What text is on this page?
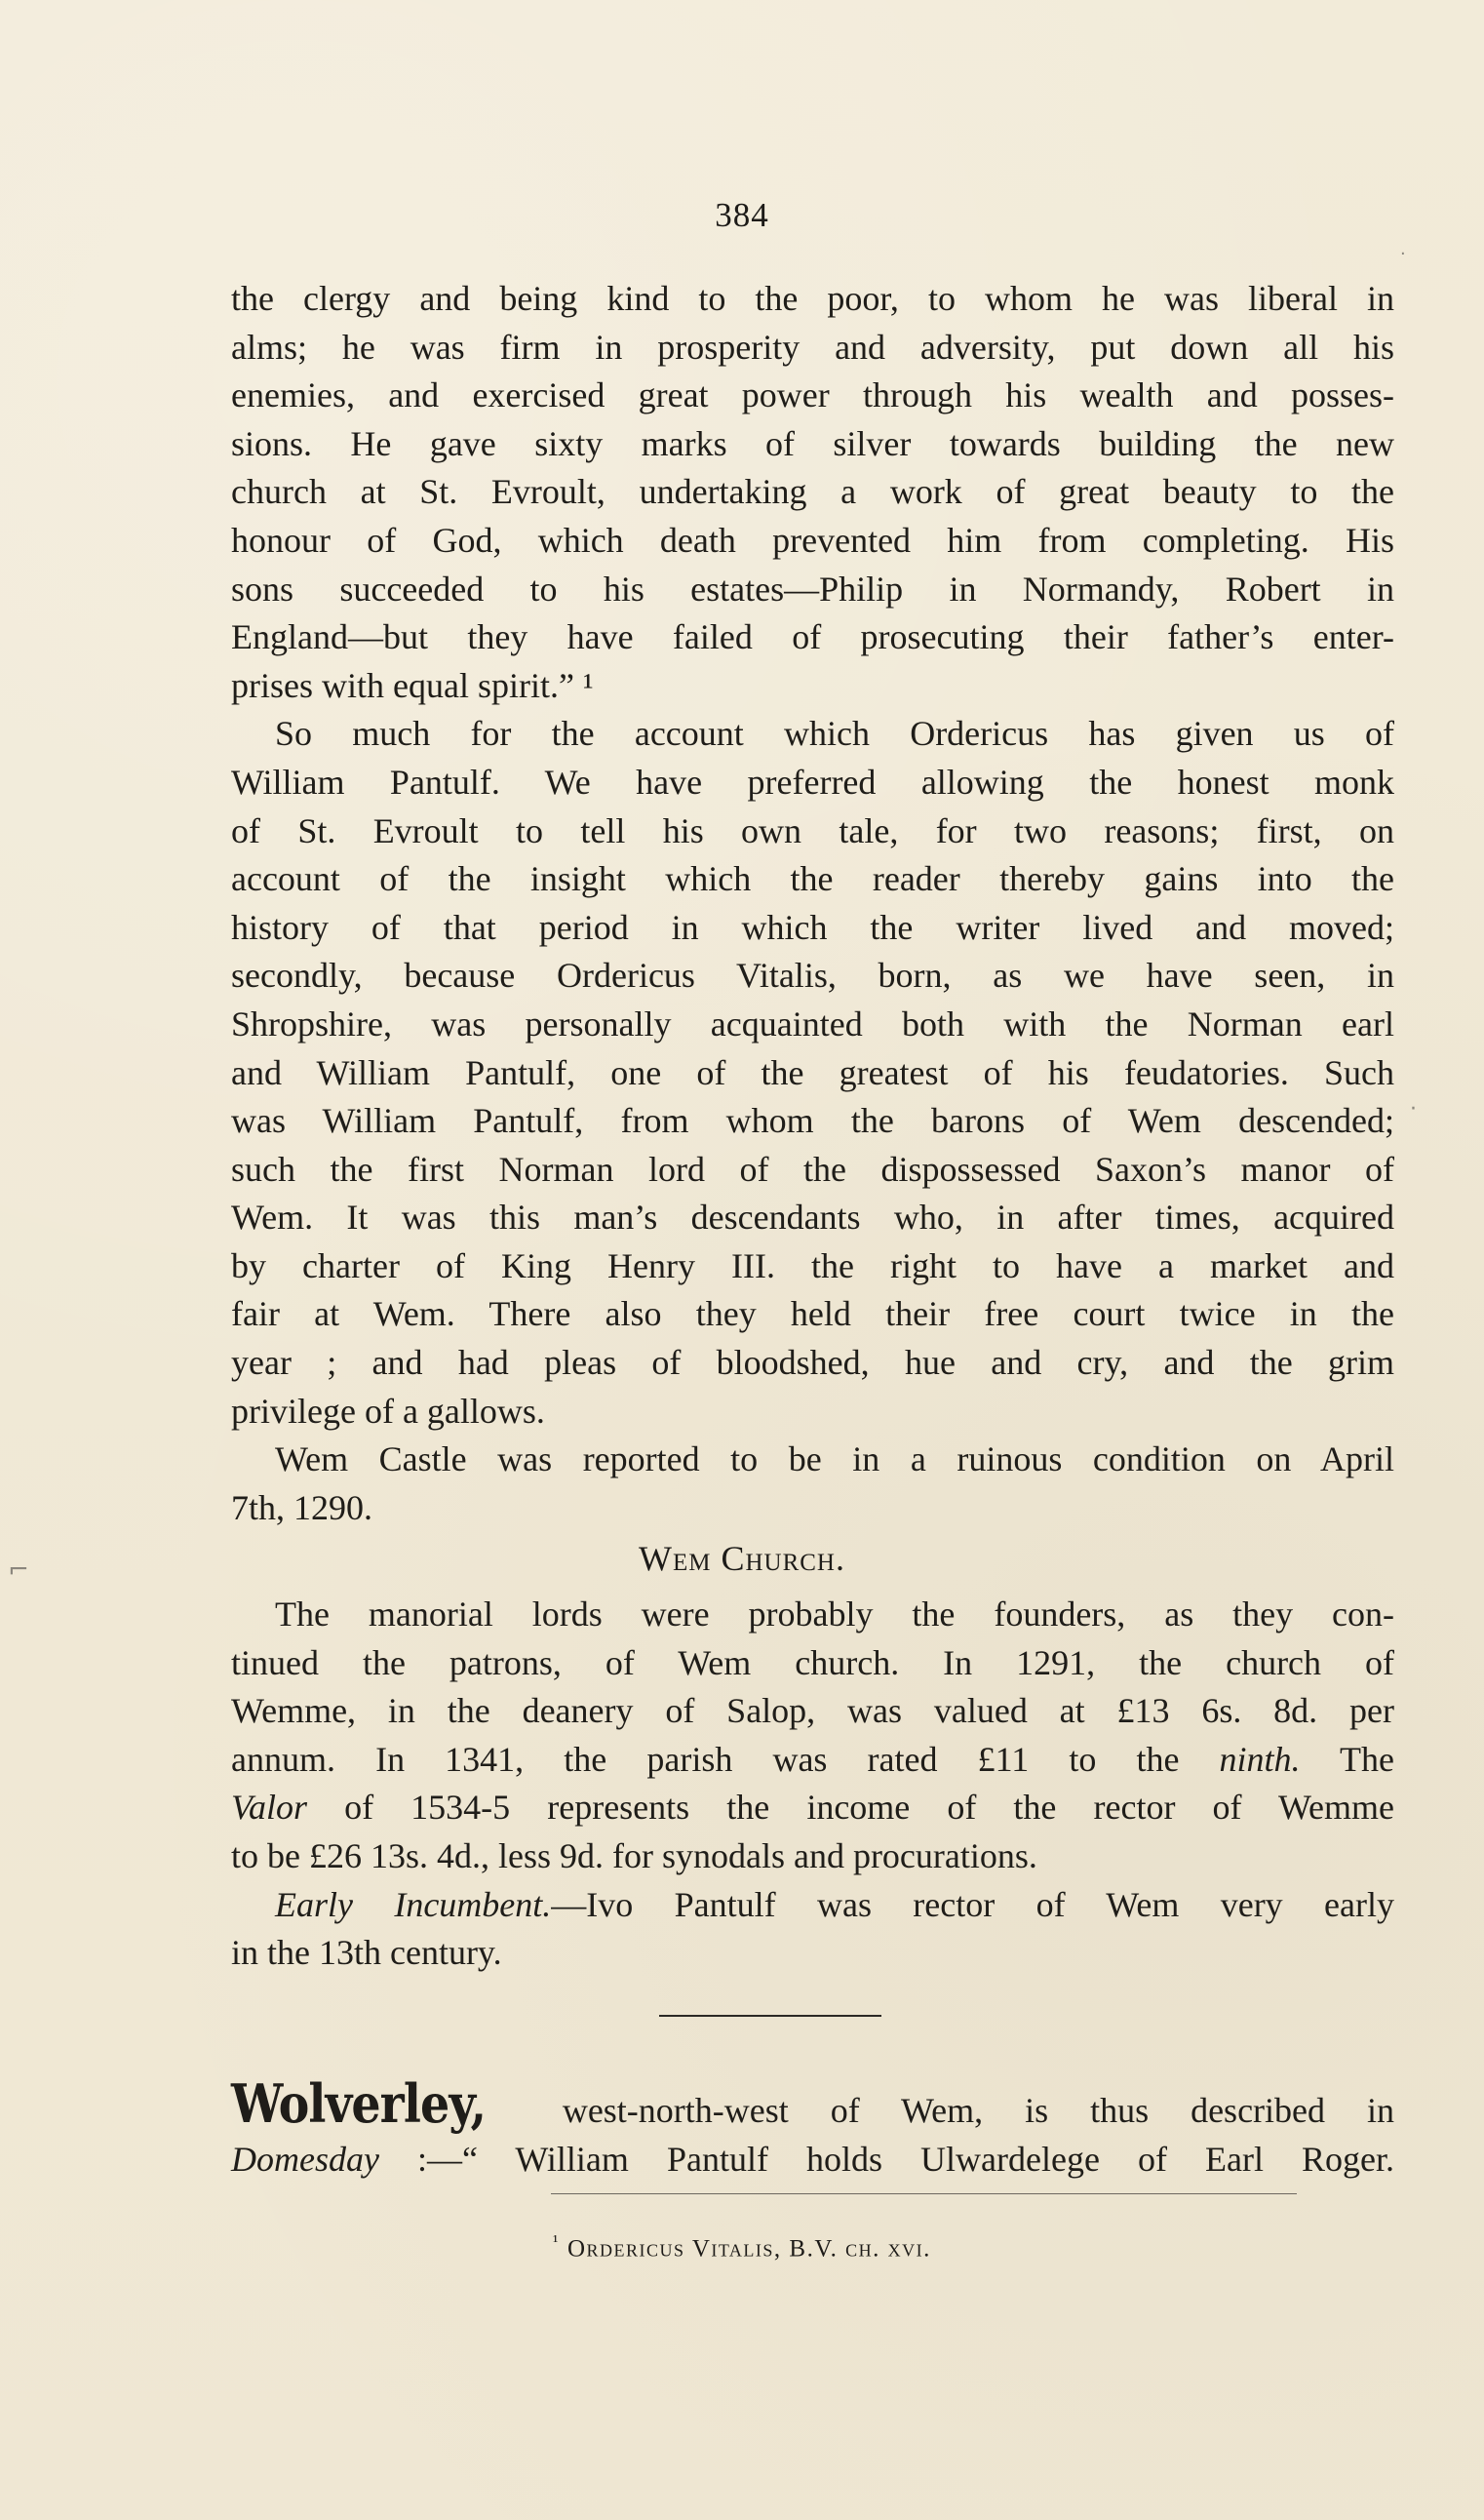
·
·
⌐
384
the clergy and being kind to the poor, to whom he was liberal in
alms; he was firm in prosperity and adversity, put down all his
enemies, and exercised great power through his wealth and posses-
sions. He gave sixty marks of silver towards building the new
church at St. Evroult, undertaking a work of great beauty to the
honour of God, which death prevented him from completing. His
sons succeeded to his estates—Philip in Normandy, Robert in
England—but they have failed of prosecuting their father’s enter-
prises with equal spirit.” ¹
So much for the account which Ordericus has given us of
William Pantulf. We have preferred allowing the honest monk
of St. Evroult to tell his own tale, for two reasons; first, on
account of the insight which the reader thereby gains into the
history of that period in which the writer lived and moved;
secondly, because Ordericus Vitalis, born, as we have seen, in
Shropshire, was personally acquainted both with the Norman earl
and William Pantulf, one of the greatest of his feudatories. Such
was William Pantulf, from whom the barons of Wem descended;
such the first Norman lord of the dispossessed Saxon’s manor of
Wem. It was this man’s descendants who, in after times, acquired
by charter of King Henry III. the right to have a market and
fair at Wem. There also they held their free court twice in the
year ; and had pleas of bloodshed, hue and cry, and the grim
privilege of a gallows.
Wem Castle was reported to be in a ruinous condition on April
7th, 1290.
Wem Church.
The manorial lords were probably the founders, as they con-
tinued the patrons, of Wem church. In 1291, the church of
Wemme, in the deanery of Salop, was valued at £13 6s. 8d. per
annum. In 1341, the parish was rated £11 to the ninth. The
Valor of 1534-5 represents the income of the rector of Wemme
to be £26 13s. 4d., less 9d. for synodals and procurations.
Early Incumbent.—Ivo Pantulf was rector of Wem very early
in the 13th century.
Wolverley, west-north-west of Wem, is thus described in
Domesday :—“ William Pantulf holds Ulwardelege of Earl Roger.
$^{^1}$ Ordericus Vitalis, B.V. ch. xvi.
